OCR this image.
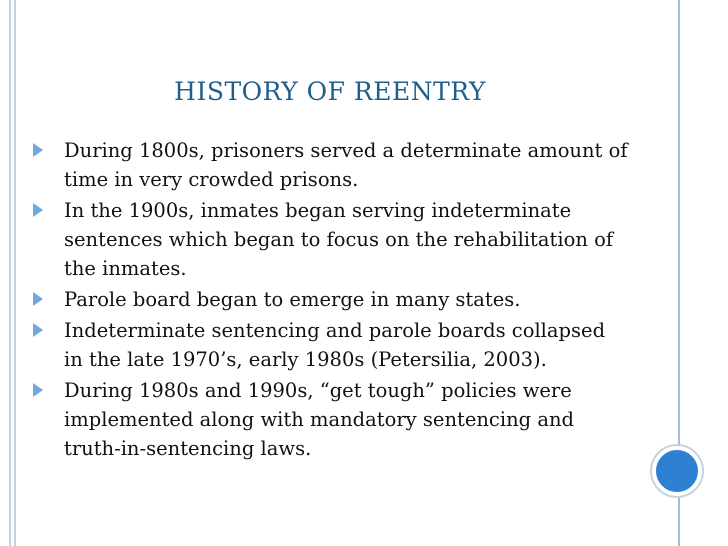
HISTORY OF REENTRY
During 1800s, prisoners served a determinate amount of time in very crowded prisons.
In the 1900s, inmates began serving indeterminate sentences which began to focus on the rehabilitation of the inmates.
Parole board began to emerge in many states.
Indeterminate sentencing and parole boards collapsed in the late 1970’s, early 1980s (Petersilia, 2003).
During 1980s and 1990s, “get tough” policies were implemented along with mandatory sentencing and truth-in-sentencing laws.
